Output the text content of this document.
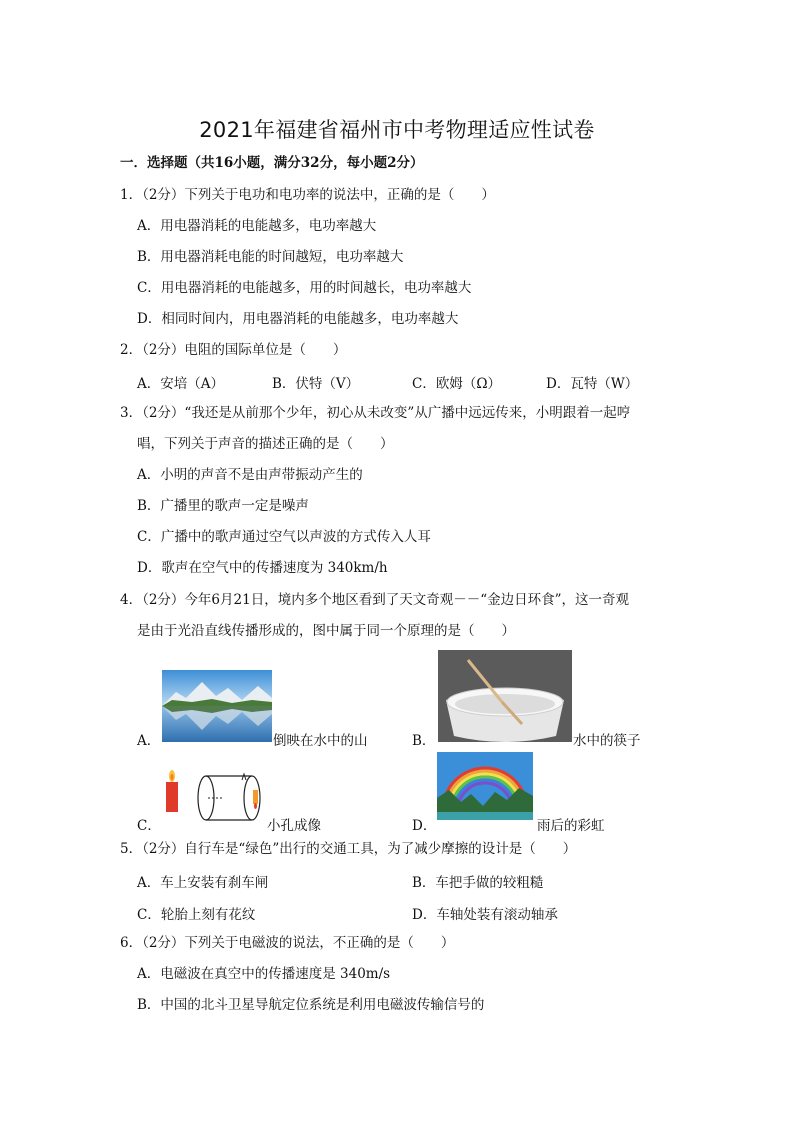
2021年福建省福州市中考物理适应性试卷
一．选择题（共16小题，满分32分，每小题2分）
1．（2分）下列关于电功和电功率的说法中，正确的是（　　）
A．用电器消耗的电能越多，电功率越大
B．用电器消耗电能的时间越短，电功率越大
C．用电器消耗的电能越多，用的时间越长，电功率越大
D．相同时间内，用电器消耗的电能越多，电功率越大
2．（2分）电阻的国际单位是（　　）
A．安培（A）	B．伏特（V）	C．欧姆（Ω）	D．瓦特（W）
3．（2分）“我还是从前那个少年，初心从未改变”从广播中远远传来，小明跟着一起哼
唱，下列关于声音的描述正确的是（　　）
A．小明的声音不是由声带振动产生的
B．广播里的歌声一定是噪声
C．广播中的歌声通过空气以声波的方式传入人耳
D．歌声在空气中的传播速度为 340km/h
4．（2分）今年6月21日，境内多个地区看到了天文奇观－－“金边日环食”，这一奇观
是由于光沿直线传播形成的，图中属于同一个原理的是（　　）
A．	倒映在水中的山	B．	水中的筷子
C．	小孔成像	D．	雨后的彩虹
5．（2分）自行车是“绿色”出行的交通工具，为了减少摩擦的设计是（　　）
A．车上安装有刹车闸	B．车把手做的较粗糙
C．轮胎上刻有花纹	D．车轴处装有滚动轴承
6．（2分）下列关于电磁波的说法，不正确的是（　　）
A．电磁波在真空中的传播速度是 340m/s
B．中国的北斗卫星导航定位系统是利用电磁波传输信号的
